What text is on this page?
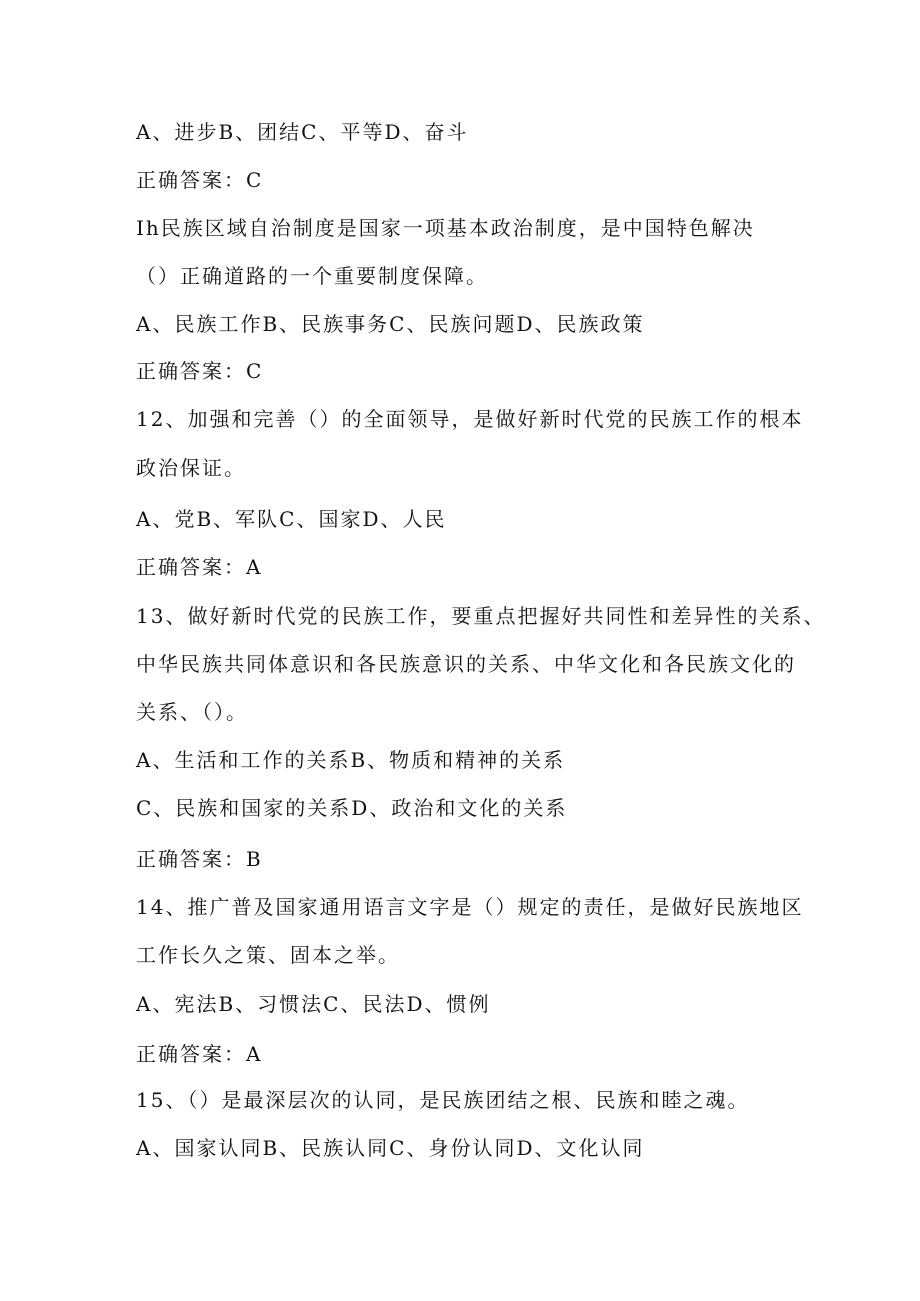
A、进步B、团结C、平等D、奋斗
正确答案：C
Ih民族区域自治制度是国家一项基本政治制度，是中国特色解决
（）正确道路的一个重要制度保障。
A、民族工作B、民族事务C、民族问题D、民族政策
正确答案：C
12、加强和完善（）的全面领导，是做好新时代党的民族工作的根本
政治保证。
A、党B、军队C、国家D、人民
正确答案：A
13、做好新时代党的民族工作，要重点把握好共同性和差异性的关系、
中华民族共同体意识和各民族意识的关系、中华文化和各民族文化的
关系、（）。
A、生活和工作的关系B、物质和精神的关系
C、民族和国家的关系D、政治和文化的关系
正确答案：B
14、推广普及国家通用语言文字是（）规定的责任，是做好民族地区
工作长久之策、固本之举。
A、宪法B、习惯法C、民法D、惯例
正确答案：A
15、（）是最深层次的认同，是民族团结之根、民族和睦之魂。
A、国家认同B、民族认同C、身份认同D、文化认同
